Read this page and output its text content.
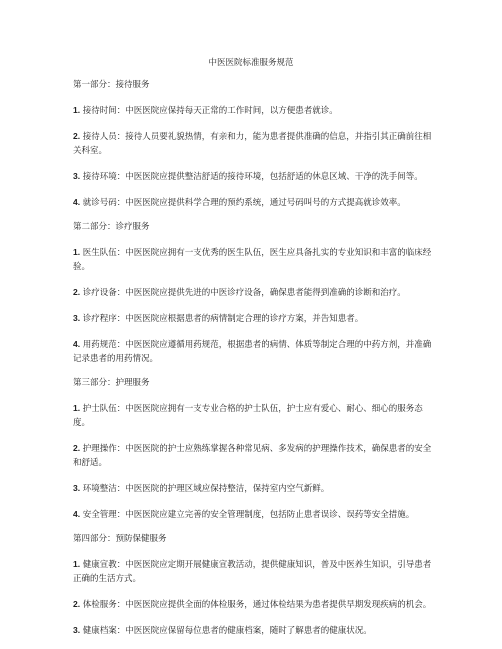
中医医院标准服务规范
第一部分：接待服务
1. 接待时间：中医医院应保持每天正常的工作时间，以方便患者就诊。
2. 接待人员：接待人员要礼貌热情，有亲和力，能为患者提供准确的信息，并指引其正确前往相关科室。
3. 接待环境：中医医院应提供整洁舒适的接待环境，包括舒适的休息区域、干净的洗手间等。
4. 就诊号码：中医医院应提供科学合理的预约系统，通过号码叫号的方式提高就诊效率。
第二部分：诊疗服务
1. 医生队伍：中医医院应拥有一支优秀的医生队伍，医生应具备扎实的专业知识和丰富的临床经验。
2. 诊疗设备：中医医院应提供先进的中医诊疗设备，确保患者能得到准确的诊断和治疗。
3. 诊疗程序：中医医院应根据患者的病情制定合理的诊疗方案，并告知患者。
4. 用药规范：中医医院应遵循用药规范，根据患者的病情、体质等制定合理的中药方剂，并准确记录患者的用药情况。
第三部分：护理服务
1. 护士队伍：中医医院应拥有一支专业合格的护士队伍，护士应有爱心、耐心、细心的服务态度。
2. 护理操作：中医医院的护士应熟练掌握各种常见病、多发病的护理操作技术，确保患者的安全和舒适。
3. 环境整洁：中医医院的护理区域应保持整洁，保持室内空气新鲜。
4. 安全管理：中医医院应建立完善的安全管理制度，包括防止患者误诊、误药等安全措施。
第四部分：预防保健服务
1. 健康宣教：中医医院应定期开展健康宣教活动，提供健康知识，普及中医养生知识，引导患者正确的生活方式。
2. 体检服务：中医医院应提供全面的体检服务，通过体检结果为患者提供早期发现疾病的机会。
3. 健康档案：中医医院应保留每位患者的健康档案，随时了解患者的健康状况。
